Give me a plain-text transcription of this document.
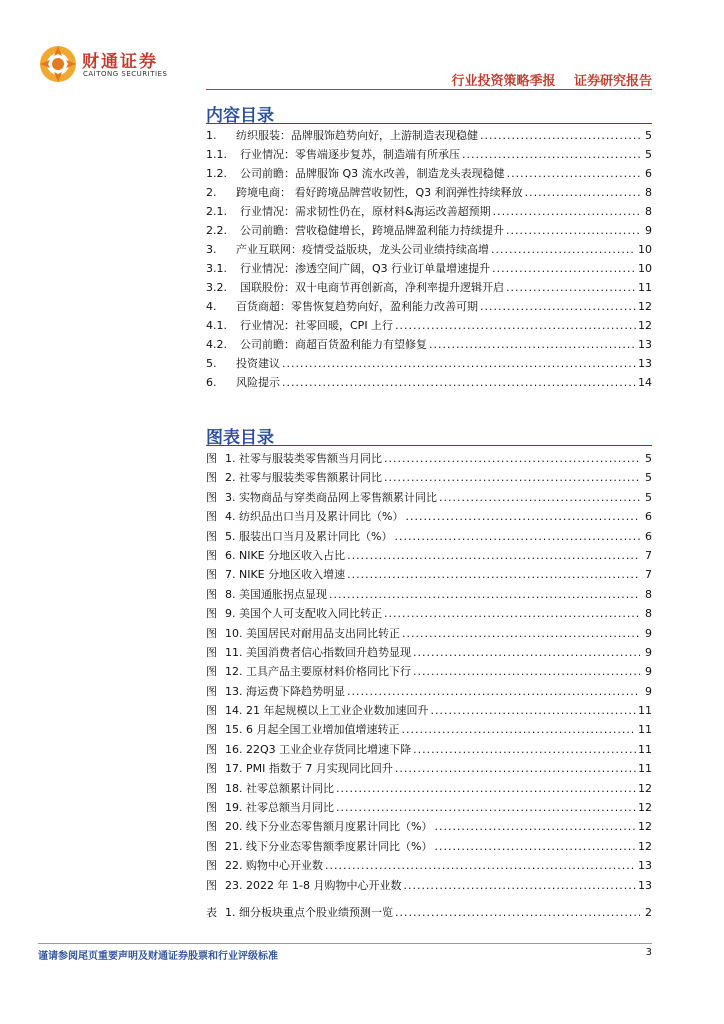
财通证券
CAITONG SECURITIES	行业投资策略季报 证券研究报告
内容目录
1.	纺织服装：品牌服饰趋势向好，上游制造表现稳健 .....	5
1.1.	行业情况：零售端逐步复苏，制造端有所承压 .....	5
1.2.	公司前瞻：品牌服饰 Q3 流水改善，制造龙头表现稳健 .....	6
2.	跨境电商： 看好跨境品牌营收韧性，Q3 利润弹性持续释放 .....	8
2.1.	行业情况：需求韧性仍在，原材料&海运改善超预期 .....	8
2.2.	公司前瞻：营收稳健增长，跨境品牌盈利能力持续提升 .....	9
3.	产业互联网：疫情受益版块，龙头公司业绩持续高增 .....	10
3.1.	行业情况：渗透空间广阔，Q3 行业订单量增速提升 .....	10
3.2.	国联股份：双十电商节再创新高，净利率提升逻辑开启 .....	11
4.	百货商超：零售恢复趋势向好，盈利能力改善可期 .....	12
4.1.	行业情况：社零回暖，CPI 上行 .....	12
4.2.	公司前瞻：商超百货盈利能力有望修复 .....	13
5.	投资建议 .....	13
6.	风险提示 .....	14
图表目录
图 1. 社零与服装类零售额当月同比 .....	5
图 2. 社零与服装类零售额累计同比 .....	5
图 3. 实物商品与穿类商品网上零售额累计同比 .....	5
图 4. 纺织品出口当月及累计同比（%） .....	6
图 5. 服装出口当月及累计同比（%） .....	6
图 6. NIKE 分地区收入占比 .....	7
图 7. NIKE 分地区收入增速 .....	7
图 8. 美国通胀拐点显现 .....	8
图 9. 美国个人可支配收入同比转正 .....	8
图 10. 美国居民对耐用品支出同比转正 .....	9
图 11. 美国消费者信心指数回升趋势显现 .....	9
图 12. 工具产品主要原材料价格同比下行 .....	9
图 13. 海运费下降趋势明显 .....	9
图 14. 21 年起规模以上工业企业数加速回升 .....	11
图 15. 6 月起全国工业增加值增速转正 .....	11
图 16. 22Q3 工业企业存货同比增速下降 .....	11
图 17. PMI 指数于 7 月实现同比回升 .....	11
图 18. 社零总额累计同比 .....	12
图 19. 社零总额当月同比 .....	12
图 20. 线下分业态零售额月度累计同比（%） .....	12
图 21. 线下分业态零售额季度累计同比（%） .....	12
图 22. 购物中心开业数 .....	13
图 23. 2022 年 1-8 月购物中心开业数 .....	13
表 1. 细分板块重点个股业绩预测一览 .....	2
谨请参阅尾页重要声明及财通证券股票和行业评级标准	3
